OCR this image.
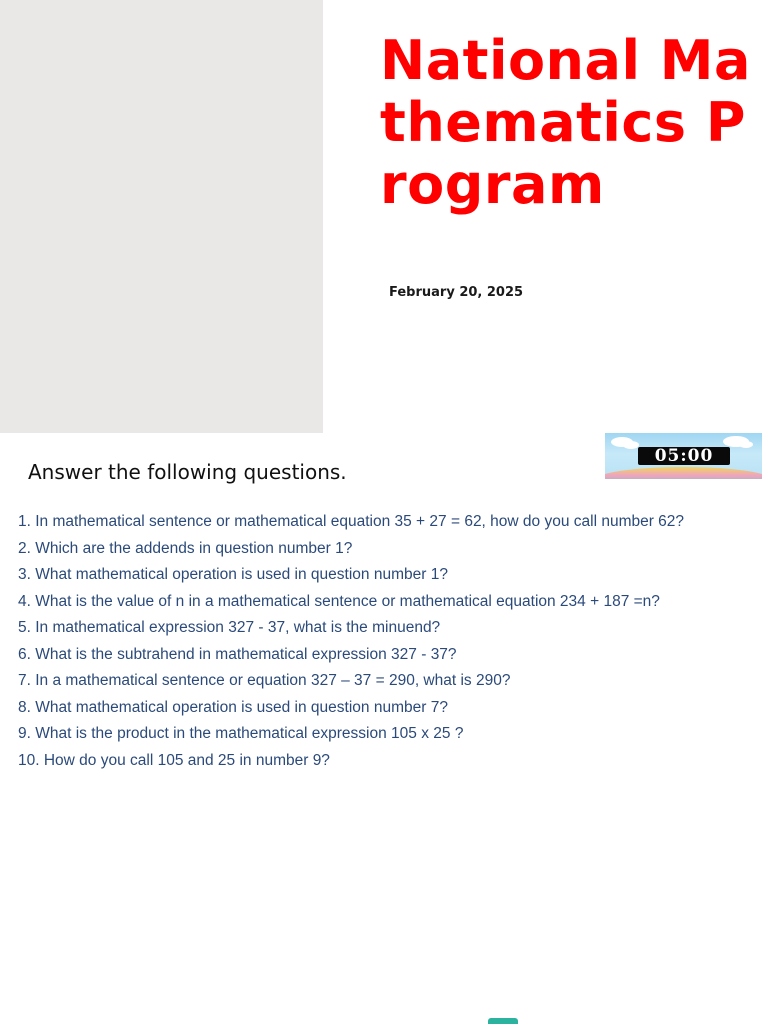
National Mathematics Program
February 20, 2025
05:00
Answer the following questions.
1. In mathematical sentence or mathematical equation 35 + 27 = 62, how do you call number 62?
2. Which are the addends in question number 1?
3. What mathematical operation is used in question number 1?
4. What is the value of n in a mathematical sentence or mathematical equation 234 + 187 =n?
5. In mathematical expression 327 - 37, what is the minuend?
6. What is the subtrahend in mathematical expression 327 - 37?
7. In a mathematical sentence or equation 327 – 37 = 290, what is 290?
8. What mathematical operation is used in question number 7?
9. What is the product in the mathematical expression 105 x 25 ?
10. How do you call 105 and 25 in number 9?
